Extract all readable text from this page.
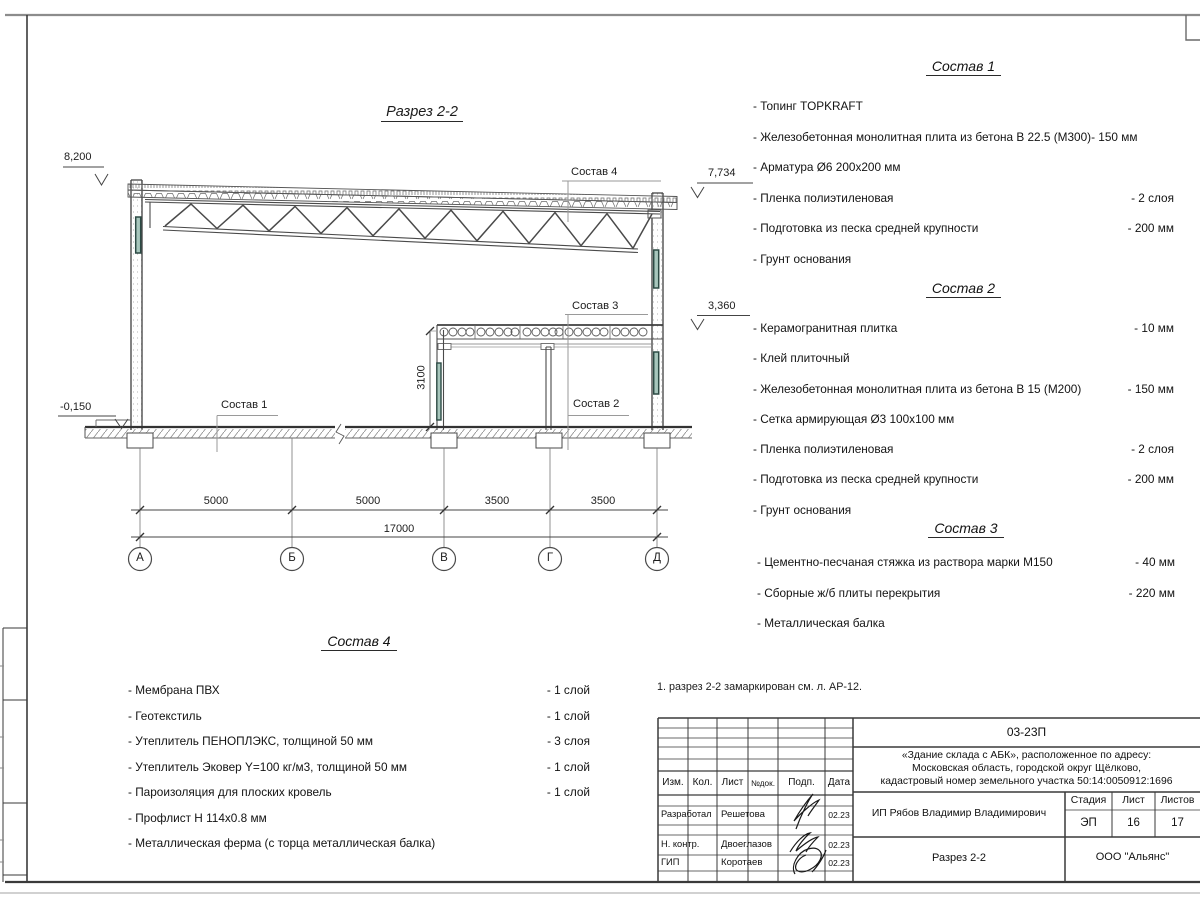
Разрез 2-2
8,200
7,734
3,360
-0,150
Состав 4
Состав 3
Состав 1	Состав 2
5000	5000	3500	3500
17000
3100
А	Б	В	Г	Д
Состав 1
- Топинг TOPKRAFT
- Железобетонная монолитная плита из бетона В 22.5 (М300)- 150 мм
- Арматура Ø6 200х200 мм
- Пленка полиэтиленовая	- 2 слоя
- Подготовка из песка средней крупности	- 200 мм
- Грунт основания
Состав 2
- Керамогранитная плитка	- 10 мм
- Клей плиточный
- Железобетонная монолитная плита из бетона В 15 (М200)	- 150 мм
- Сетка армирующая Ø3 100х100 мм
- Пленка полиэтиленовая	- 2 слоя
- Подготовка из песка средней крупности	- 200 мм
- Грунт основания
Состав 3
- Цементно-песчаная стяжка из раствора марки М150	- 40 мм
- Сборные ж/б плиты перекрытия	- 220 мм
- Металлическая балка
Состав 4
- Мембрана ПВХ	- 1 слой
- Геотекстиль	- 1 слой
- Утеплитель ПЕНОПЛЭКС, толщиной 50 мм	- 3 слоя
- Утеплитель Эковер Y=100 кг/м3, толщиной 50 мм	- 1 слой
- Пароизоляция для плоских кровель	- 1 слой
- Профлист Н 114х0.8 мм
- Металлическая ферма (с торца металлическая балка)
1. разрез 2-2 замаркирован см. л. АР-12.
Изм. Кол. Лист №док.	Подп.	Дата
Разработал Решетова	02.23
Н. контр. Двоеглазов	02.23
ГИП	Коротаев	02.23
03-23П
«Здание склада с АБК», расположенное по адресу:
Московская область, городской округ Щёлково,
кадастровый номер земельного участка 50:14:0050912:1696
ИП Рябов Владимир Владимирович
Стадия	Лист	Листов
ЭП	16	17
Разрез 2-2	ООО "Альянс"
